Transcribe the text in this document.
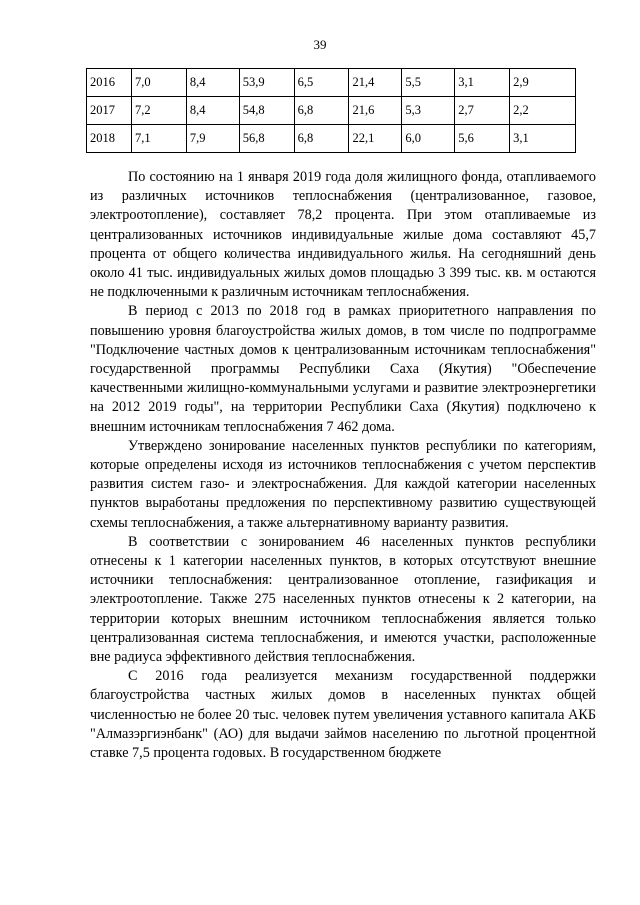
39
2016	7,0	8,4	53,9	6,5	21,4	5,5	3,1	2,9
2017	7,2	8,4	54,8	6,8	21,6	5,3	2,7	2,2
2018	7,1	7,9	56,8	6,8	22,1	6,0	5,6	3,1

По состоянию на 1 января 2019 года доля жилищного фонда, отапливаемого из различных источников теплоснабжения (централизованное, газовое, электроотопление), составляет 78,2 процента. При этом отапливаемые из централизованных источников индивидуальные жилые дома составляют 45,7 процента от общего количества индивидуального жилья. На сегодняшний день около 41 тыс. индивидуальных жилых домов площадью 3 399 тыс. кв. м остаются не подключенными к различным источникам теплоснабжения.

В период с 2013 по 2018 год в рамках приоритетного направления по повышению уровня благоустройства жилых домов, в том числе по подпрограмме "Подключение частных домов к централизованным источникам теплоснабжения" государственной программы Республики Саха (Якутия) "Обеспечение качественными жилищно-коммунальными услугами и развитие электроэнергетики на 2012 2019 годы", на территории Республики Саха (Якутия) подключено к внешним источникам теплоснабжения 7 462 дома.

Утверждено зонирование населенных пунктов республики по категориям, которые определены исходя из источников теплоснабжения с учетом перспектив развития систем газо- и электроснабжения. Для каждой категории населенных пунктов выработаны предложения по перспективному развитию существующей схемы теплоснабжения, а также альтернативному варианту развития.

В соответствии с зонированием 46 населенных пунктов республики отнесены к 1 категории населенных пунктов, в которых отсутствуют внешние источники теплоснабжения: централизованное отопление, газификация и электроотопление. Также 275 населенных пунктов отнесены к 2 категории, на территории которых внешним источником теплоснабжения является только централизованная система теплоснабжения, и имеются участки, расположенные вне радиуса эффективного действия теплоснабжения.

С 2016 года реализуется механизм государственной поддержки благоустройства частных жилых домов в населенных пунктах общей численностью не более 20 тыс. человек путем увеличения уставного капитала АКБ "Алмазэргиэнбанк" (АО) для выдачи займов населению по льготной процентной ставке 7,5 процента годовых. В государственном бюджете
